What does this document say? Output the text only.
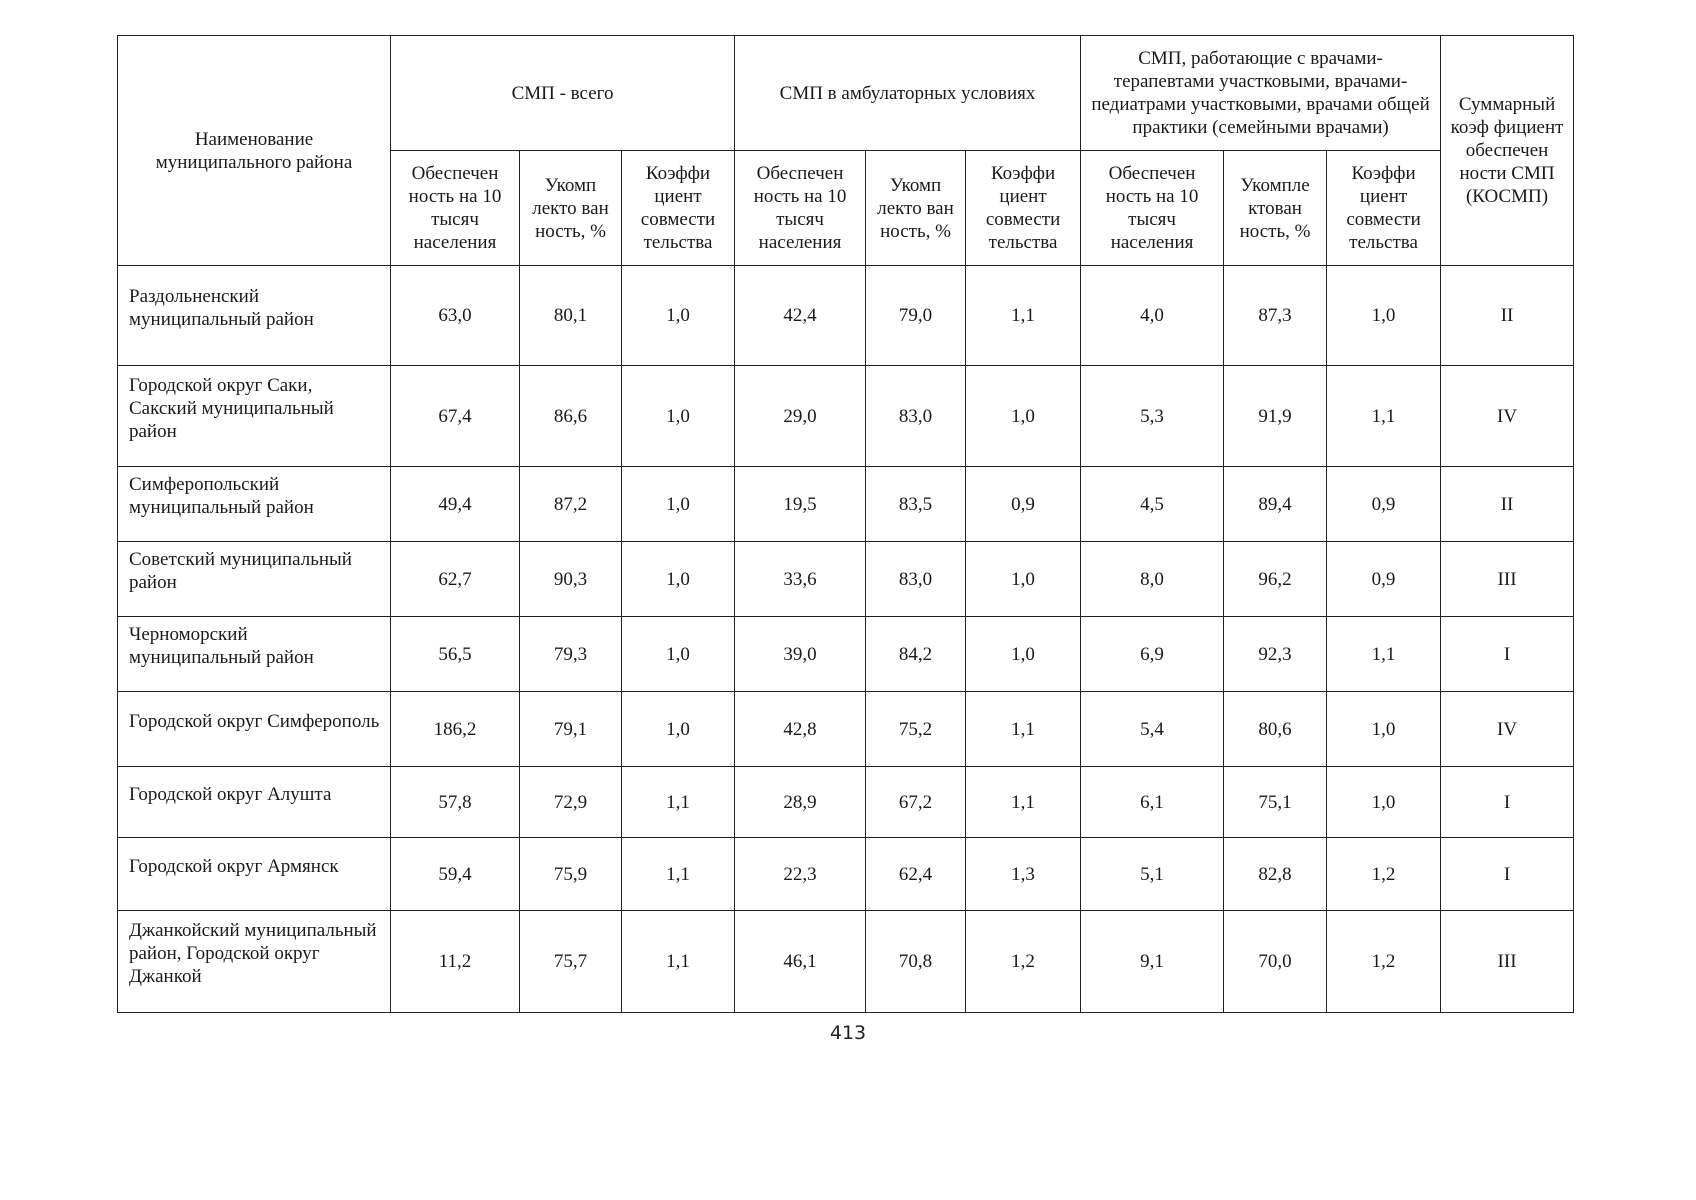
Наименование муниципального района	СМП - всего			СМП в амбулаторных условиях			СМП, работающие с врачами-терапевтами участковыми, врачами-педиатрами участковыми, врачами общей практики (семейными врачами)			Суммарный коэф фициент обеспечен ности СМП (КОСМП)
	Обеспечен ность на 10 тысяч населения	Укомп лекто ван ность, %	Коэффи циент совмести тельства	Обеспечен ность на 10 тысяч населения	Укомп лекто ван ность, %	Коэффи циент совмести тельства	Обеспечен ность на 10 тысяч населения	Укомпле ктован ность, %	Коэффи циент совмести тельства	

Раздольненский муниципальный район	63,0	80,1	1,0	42,4	79,0	1,1	4,0	87,3	1,0	II

Городской округ Саки, Сакский муниципальный район	67,4	86,6	1,0	29,0	83,0	1,0	5,3	91,9	1,1	IV

Симферопольский муниципальный район	49,4	87,2	1,0	19,5	83,5	0,9	4,5	89,4	0,9	II

Советский муниципальный район	62,7	90,3	1,0	33,6	83,0	1,0	8,0	96,2	0,9	III

Черноморский муниципальный район	56,5	79,3	1,0	39,0	84,2	1,0	6,9	92,3	1,1	I

Городской округ Симферополь	186,2	79,1	1,0	42,8	75,2	1,1	5,4	80,6	1,0	IV

Городской округ Алушта	57,8	72,9	1,1	28,9	67,2	1,1	6,1	75,1	1,0	I

Городской округ Армянск	59,4	75,9	1,1	22,3	62,4	1,3	5,1	82,8	1,2	I

Джанкойский муниципальный район, Городской округ Джанкой	11,2	75,7	1,1	46,1	70,8	1,2	9,1	70,0	1,2	III
413
